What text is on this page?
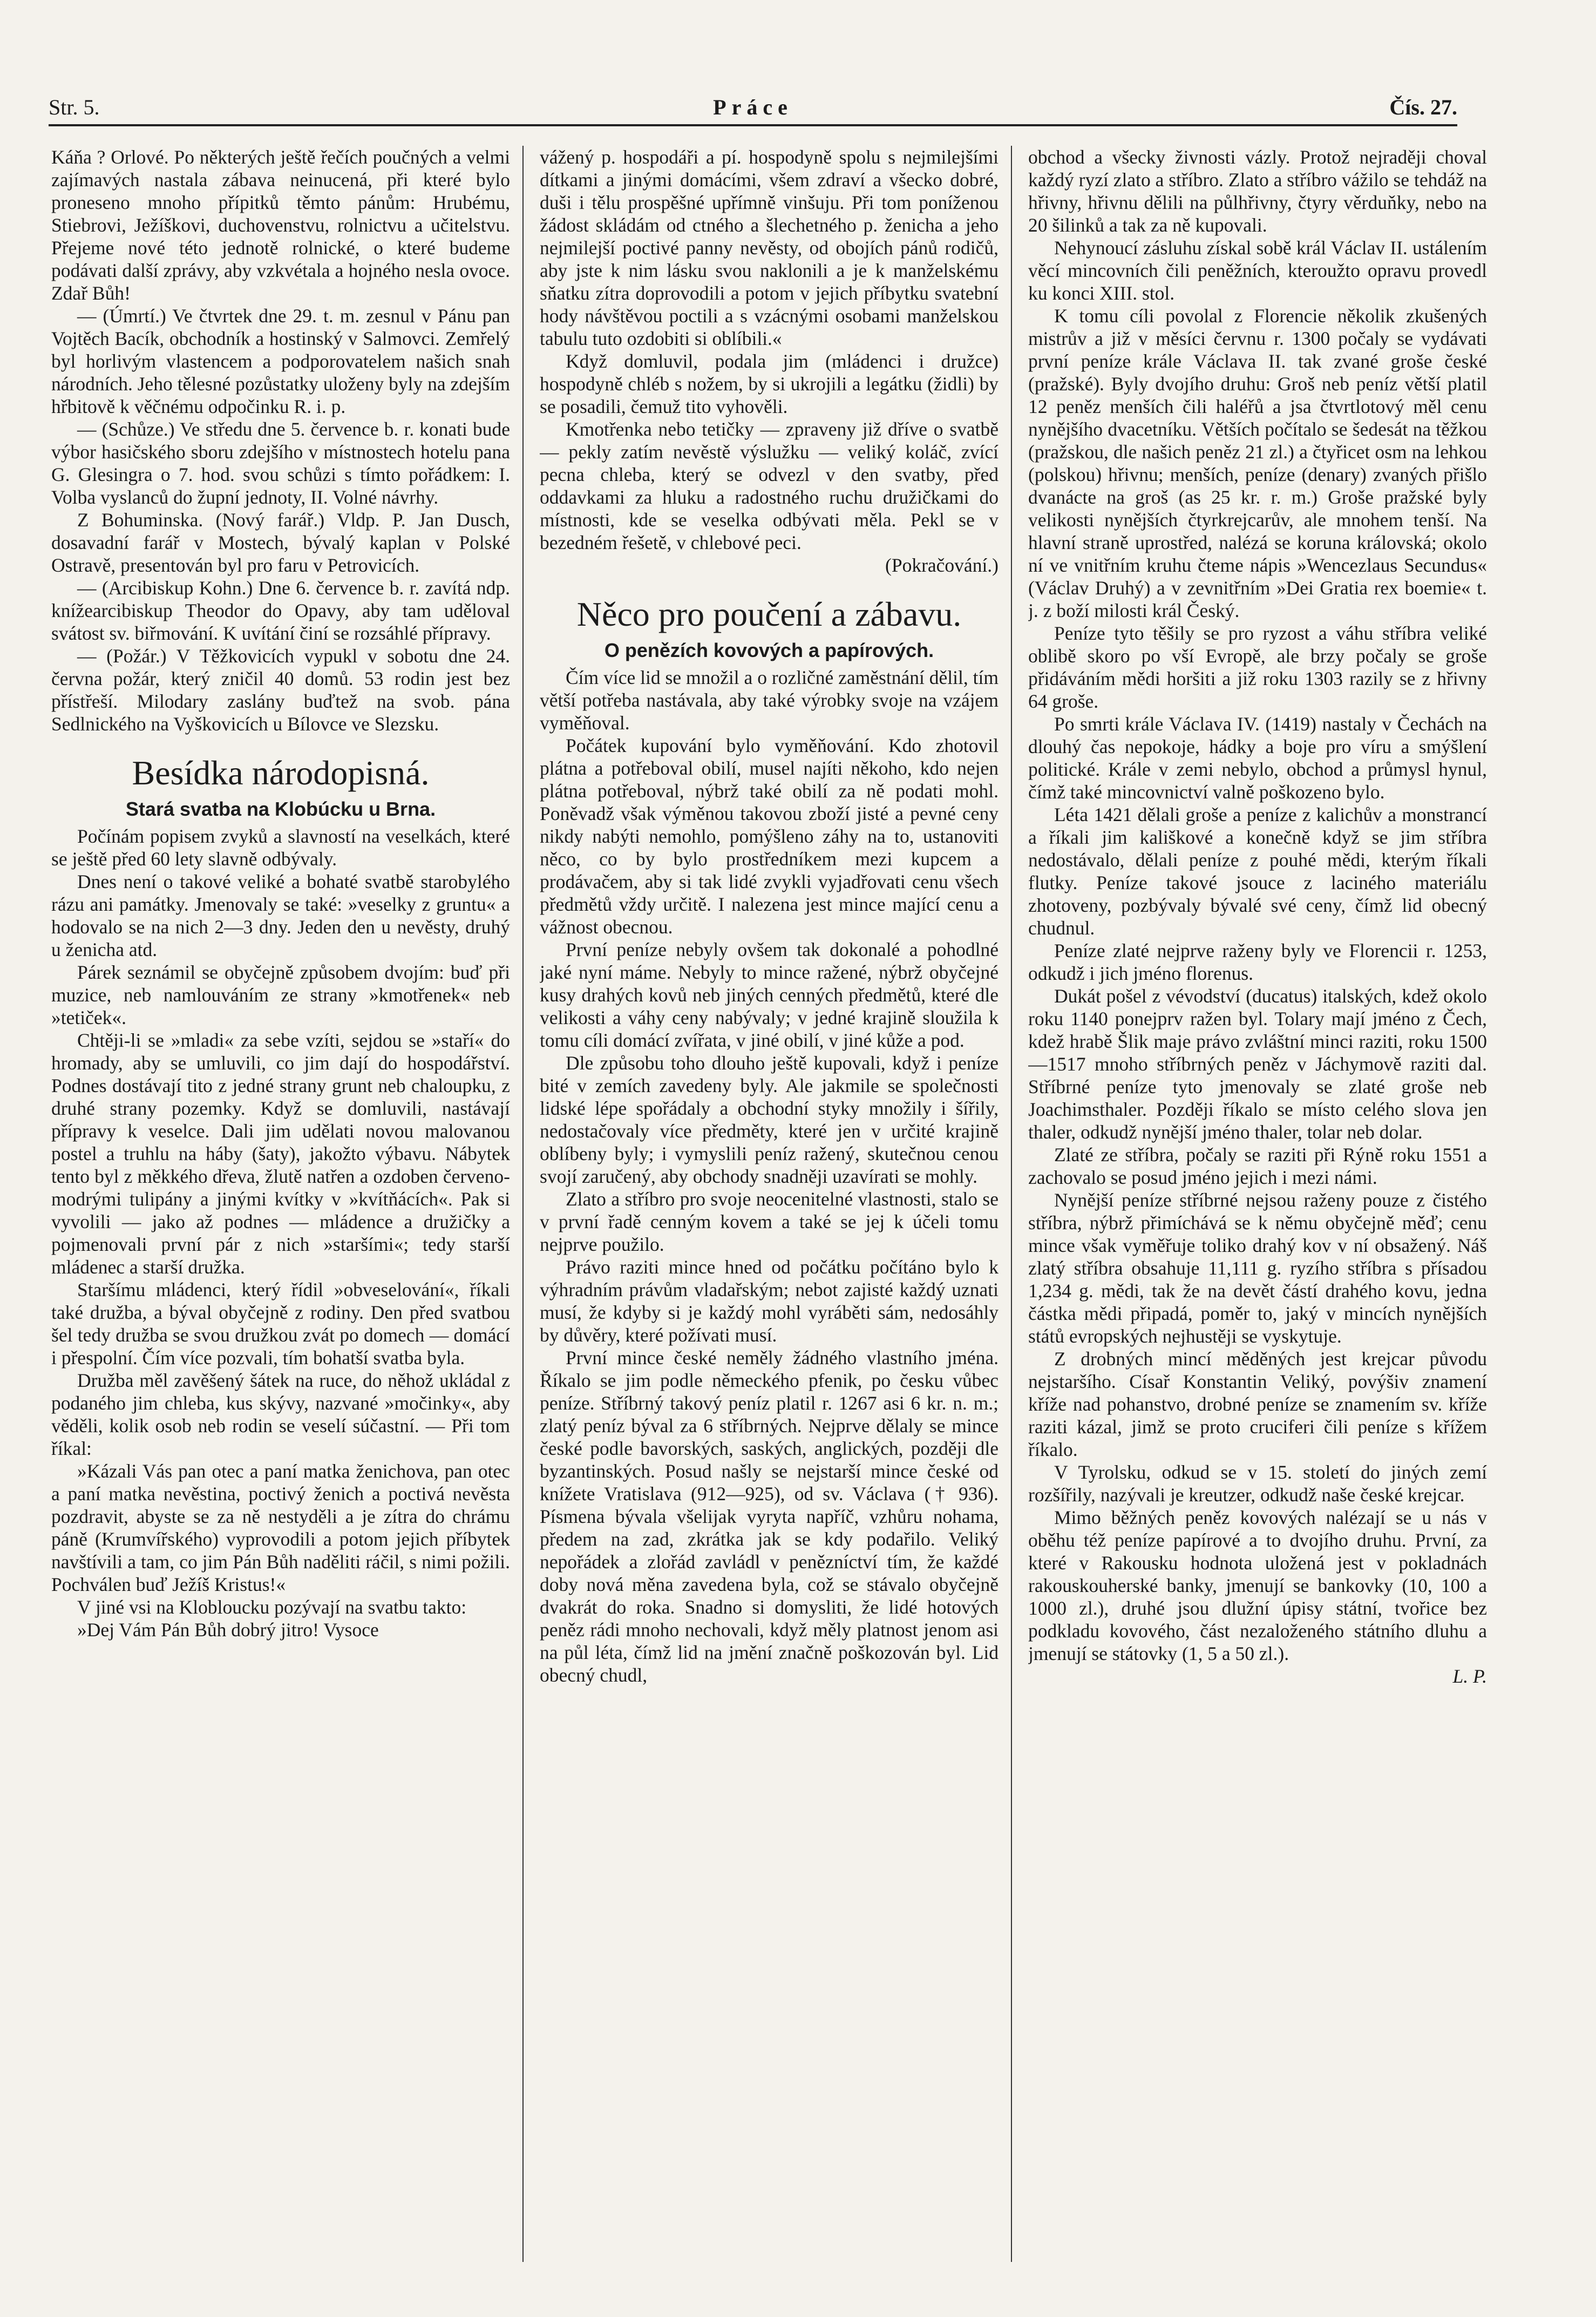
Str. 5.	Práce	Čís. 27.

Káňa ? Orlové. Po některých ještě řečích poučných a velmi zajímavých nastala zábava neinucená, při které bylo proneseno mnoho přípitků těmto pánům: Hrubému, Stiebrovi, Ježíškovi, duchovenstvu, rolnictvu a učitelstvu. Přejeme nové této jednotě rolnické, o které budeme podávati další zprávy, aby vzkvétala a hojného nesla ovoce. Zdař Bůh!

— (Úmrtí.) Ve čtvrtek dne 29. t. m. zesnul v Pánu pan Vojtěch Bacík, obchodník a hostinský v Salmovci. Zemřelý byl horlivým vlastencem a podporovatelem našich snah národních. Jeho tělesné pozůstatky uloženy byly na zdejším hřbitově k věčnému odpočinku R. i. p.

— (Schůze.) Ve středu dne 5. července b. r. konati bude výbor hasičského sboru zdejšího v místnostech hotelu pana G. Glesingra o 7. hod. svou schůzi s tímto pořádkem: I. Volba vyslanců do župní jednoty, II. Volné návrhy.

Z Bohuminska. (Nový farář.) Vldp. P. Jan Dusch, dosavadní farář v Mostech, bývalý kaplan v Polské Ostravě, presentován byl pro faru v Petrovicích.

— (Arcibiskup Kohn.) Dne 6. července b. r. zavítá ndp. knížearcibiskup Theodor do Opavy, aby tam uděloval svátost sv. biřmování. K uvítání činí se rozsáhlé přípravy.

— (Požár.) V Těžkovicích vypukl v sobotu dne 24. června požár, který zničil 40 domů. 53 rodin jest bez přístřeší. Milodary zaslány buďtež na svob. pána Sedlnického na Vyškovicích u Bílovce ve Slezsku.

Besídka národopisná.
Stará svatba na Klobúcku u Brna.

Počínám popisem zvyků a slavností na veselkách, které se ještě před 60 lety slavně odbývaly.

Dnes není o takové veliké a bohaté svatbě starobylého rázu ani památky. Jmenovaly se také: »veselky z gruntu« a hodovalo se na nich 2—3 dny. Jeden den u nevěsty, druhý u ženicha atd.

Párek seznámil se obyčejně způsobem dvojím: buď při muzice, neb namlouváním ze strany »kmotřenek« neb »tetiček«.

Chtěji-li se »mladi« za sebe vzíti, sejdou se »staří« do hromady, aby se umluvili, co jim dají do hospodářství. Podnes dostávají tito z jedné strany grunt neb chaloupku, z druhé strany pozemky. Když se domluvili, nastávají přípravy k veselce. Dali jim udělati novou malovanou postel a truhlu na háby (šaty), jakožto výbavu. Nábytek tento byl z měkkého dřeva, žlutě natřen a ozdoben červeno-modrými tulipány a jinými kvítky v »kvítňácích«. Pak si vyvolili — jako až podnes — mládence a družičky a pojmenovali první pár z nich »staršími«; tedy starší mládenec a starší družka.

Staršímu mládenci, který řídil »obveselování«, říkali také družba, a býval obyčejně z rodiny. Den před svatbou šel tedy družba se svou družkou zvát po domech — domácí i přespolní. Čím více pozvali, tím bohatší svatba byla.

Družba měl zavěšený šátek na ruce, do něhož ukládal z podaného jim chleba, kus skývy, nazvané »močinky«, aby věděli, kolik osob neb rodin se veselí súčastní. — Při tom říkal:

»Kázali Vás pan otec a paní matka ženichova, pan otec a paní matka nevěstina, poctivý ženich a poctivá nevěsta pozdravit, abyste se za ně nestyděli a je zítra do chrámu páně (Krumvířského) vyprovodili a potom jejich příbytek navštívili a tam, co jim Pán Bůh naděliti ráčil, s nimi požili. Pochválen buď Ježíš Kristus!«

V jiné vsi na Klobloucku pozývají na svatbu takto:

»Dej Vám Pán Bůh dobrý jitro! Vysoce

vážený p. hospodáři a pí. hospodyně spolu s nejmilejšími dítkami a jinými domácími, všem zdraví a všecko dobré, duši i tělu prospěšné upřímně vinšuju. Při tom poníženou žádost skládám od ctného a šlechetného p. ženicha a jeho nejmilejší poctivé panny nevěsty, od obojích pánů rodičů, aby jste k nim lásku svou naklonili a je k manželskému sňatku zítra doprovodili a potom v jejich příbytku svatební hody návštěvou poctili a s vzácnými osobami manželskou tabulu tuto ozdobiti si oblíbili.«

Když domluvil, podala jim (mládenci i družce) hospodyně chléb s nožem, by si ukrojili a legátku (židli) by se posadili, čemuž tito vyhověli.

Kmotřenka nebo tetičky — zpraveny již dříve o svatbě — pekly zatím nevěstě výslužku — veliký koláč, zvící pecna chleba, který se odvezl v den svatby, před oddavkami za hluku a radostného ruchu družičkami do místnosti, kde se veselka odbývati měla. Pekl se v bezedném řešetě, v chlebové peci.

(Pokračování.)
Něco pro poučení a zábavu.
O penězích kovových a papírových.

Čím více lid se množil a o rozličné zaměstnání dělil, tím větší potřeba nastávala, aby také výrobky svoje na vzájem vyměňoval.

Počátek kupování bylo vyměňování. Kdo zhotovil plátna a potřeboval obilí, musel najíti někoho, kdo nejen plátna potřeboval, nýbrž také obilí za ně podati mohl. Poněvadž však výměnou takovou zboží jisté a pevné ceny nikdy nabýti nemohlo, pomýšleno záhy na to, ustanoviti něco, co by bylo prostředníkem mezi kupcem a prodávačem, aby si tak lidé zvykli vyjadřovati cenu všech předmětů vždy určitě. I nalezena jest mince mající cenu a vážnost obecnou.

První peníze nebyly ovšem tak dokonalé a pohodlné jaké nyní máme. Nebyly to mince ražené, nýbrž obyčejné kusy drahých kovů neb jiných cenných předmětů, které dle velikosti a váhy ceny nabývaly; v jedné krajině sloužila k tomu cíli domácí zvířata, v jiné obilí, v jiné kůže a pod.

Dle způsobu toho dlouho ještě kupovali, když i peníze bité v zemích zavedeny byly. Ale jakmile se společnosti lidské lépe spořádaly a obchodní styky množily i šířily, nedostačovaly více předměty, které jen v určité krajině oblíbeny byly; i vymyslili peníz ražený, skutečnou cenou svojí zaručený, aby obchody snadněji uzavírati se mohly.

Zlato a stříbro pro svoje neocenitelné vlastnosti, stalo se v první řadě cenným kovem a také se jej k účeli tomu nejprve použilo.

Právo raziti mince hned od počátku počítáno bylo k výhradním právům vladařským; nebot zajisté každý uznati musí, že kdyby si je každý mohl vyráběti sám, nedosáhly by důvěry, které požívati musí.

První mince české neměly žádného vlastního jména. Říkalo se jim podle německého pfenik, po česku vůbec peníze. Stříbrný takový peníz platil r. 1267 asi 6 kr. n. m.; zlatý peníz býval za 6 stříbrných. Nejprve dělaly se mince české podle bavorských, saských, anglických, později dle byzantinských. Posud našly se nejstarší mince české od knížete Vratislava (912—925), od sv. Václava († 936). Písmena bývala všelijak vyryta napříč, vzhůru nohama, předem na zad, zkrátka jak se kdy podařilo. Veliký nepořádek a zlořád zavládl v penězníctví tím, že každé doby nová měna zavedena byla, což se stávalo obyčejně dvakrát do roka. Snadno si domysliti, že lidé hotových peněz rádi mnoho nechovali, když měly platnost jenom asi na půl léta, čímž lid na jmění značně poškozován byl. Lid obecný chudl,

obchod a všecky živnosti vázly. Protož nejraději choval každý ryzí zlato a stříbro. Zlato a stříbro vážilo se tehdáž na hřivny, hřivnu dělili na půlhřivny, čtyry věrduňky, nebo na 20 šilinků a tak za ně kupovali.

Nehynoucí zásluhu získal sobě král Václav II. ustálením věcí mincovních čili peněžních, kteroužto opravu provedl ku konci XIII. stol.

K tomu cíli povolal z Florencie několik zkušených mistrův a již v měsíci červnu r. 1300 počaly se vydávati první peníze krále Václava II. tak zvané groše české (pražské). Byly dvojího druhu: Groš neb peníz větší platil 12 peněz menších čili haléřů a jsa čtvrtlotový měl cenu nynějšího dvacetníku. Větších počítalo se šedesát na těžkou (pražskou, dle našich peněz 21 zl.) a čtyřicet osm na lehkou (polskou) hřivnu; menších, peníze (denary) zvaných přišlo dvanácte na groš (as 25 kr. r. m.) Groše pražské byly velikosti nynějších čtyrkrejcarův, ale mnohem tenší. Na hlavní straně uprostřed, nalézá se koruna královská; okolo ní ve vnitřním kruhu čteme nápis »Wencezlaus Secundus« (Václav Druhý) a v zevnitřním »Dei Gratia rex boemie« t. j. z boží milosti král Český.

Peníze tyto těšily se pro ryzost a váhu stříbra veliké oblibě skoro po vší Evropě, ale brzy počaly se groše přidáváním mědi horšiti a již roku 1303 razily se z hřivny 64 groše.

Po smrti krále Václava IV. (1419) nastaly v Čechách na dlouhý čas nepokoje, hádky a boje pro víru a smýšlení politické. Krále v zemi nebylo, obchod a průmysl hynul, čímž také mincovnictví valně poškozeno bylo.

Léta 1421 dělali groše a peníze z kalichův a monstrancí a říkali jim kališkové a konečně když se jim stříbra nedostávalo, dělali peníze z pouhé mědi, kterým říkali flutky. Peníze takové jsouce z laciného materiálu zhotoveny, pozbývaly bývalé své ceny, čímž lid obecný chudnul.

Peníze zlaté nejprve raženy byly ve Florencii r. 1253, odkudž i jich jméno florenus.

Dukát pošel z vévodství (ducatus) italských, kdež okolo roku 1140 ponejprv ražen byl. Tolary mají jméno z Čech, kdež hrabě Šlik maje právo zvláštní minci raziti, roku 1500—1517 mnoho stříbrných peněz v Jáchymově raziti dal. Stříbrné peníze tyto jmenovaly se zlaté groše neb Joachimsthaler. Později říkalo se místo celého slova jen thaler, odkudž nynější jméno thaler, tolar neb dolar.

Zlaté ze stříbra, počaly se raziti při Rýně roku 1551 a zachovalo se posud jméno jejich i mezi námi.

Nynější peníze stříbrné nejsou raženy pouze z čistého stříbra, nýbrž přimíchává se k němu obyčejně měď; cenu mince však vyměřuje toliko drahý kov v ní obsažený. Náš zlatý stříbra obsahuje 11,111 g. ryzího stříbra s přísadou 1,234 g. mědi, tak že na devět částí drahého kovu, jedna částka mědi připadá, poměr to, jaký v mincích nynějších států evropských nejhustěji se vyskytuje.

Z drobných mincí měděných jest krejcar původu nejstaršího. Císař Konstantin Veliký, povýšiv znamení kříže nad pohanstvo, drobné peníze se znamením sv. kříže raziti kázal, jimž se proto cruciferi čili peníze s křížem říkalo.

V Tyrolsku, odkud se v 15. století do jiných zemí rozšířily, nazývali je kreutzer, odkudž naše české krejcar.

Mimo běžných peněz kovových nalézají se u nás v oběhu též peníze papírové a to dvojího druhu. První, za které v Rakousku hodnota uložená jest v pokladnách rakouskouherské banky, jmenují se bankovky (10, 100 a 1000 zl.), druhé jsou dlužní úpisy státní, tvořice bez podkladu kovového, část nezaloženého státního dluhu a jmenují se státovky (1, 5 a 50 zl.).

L. P.
